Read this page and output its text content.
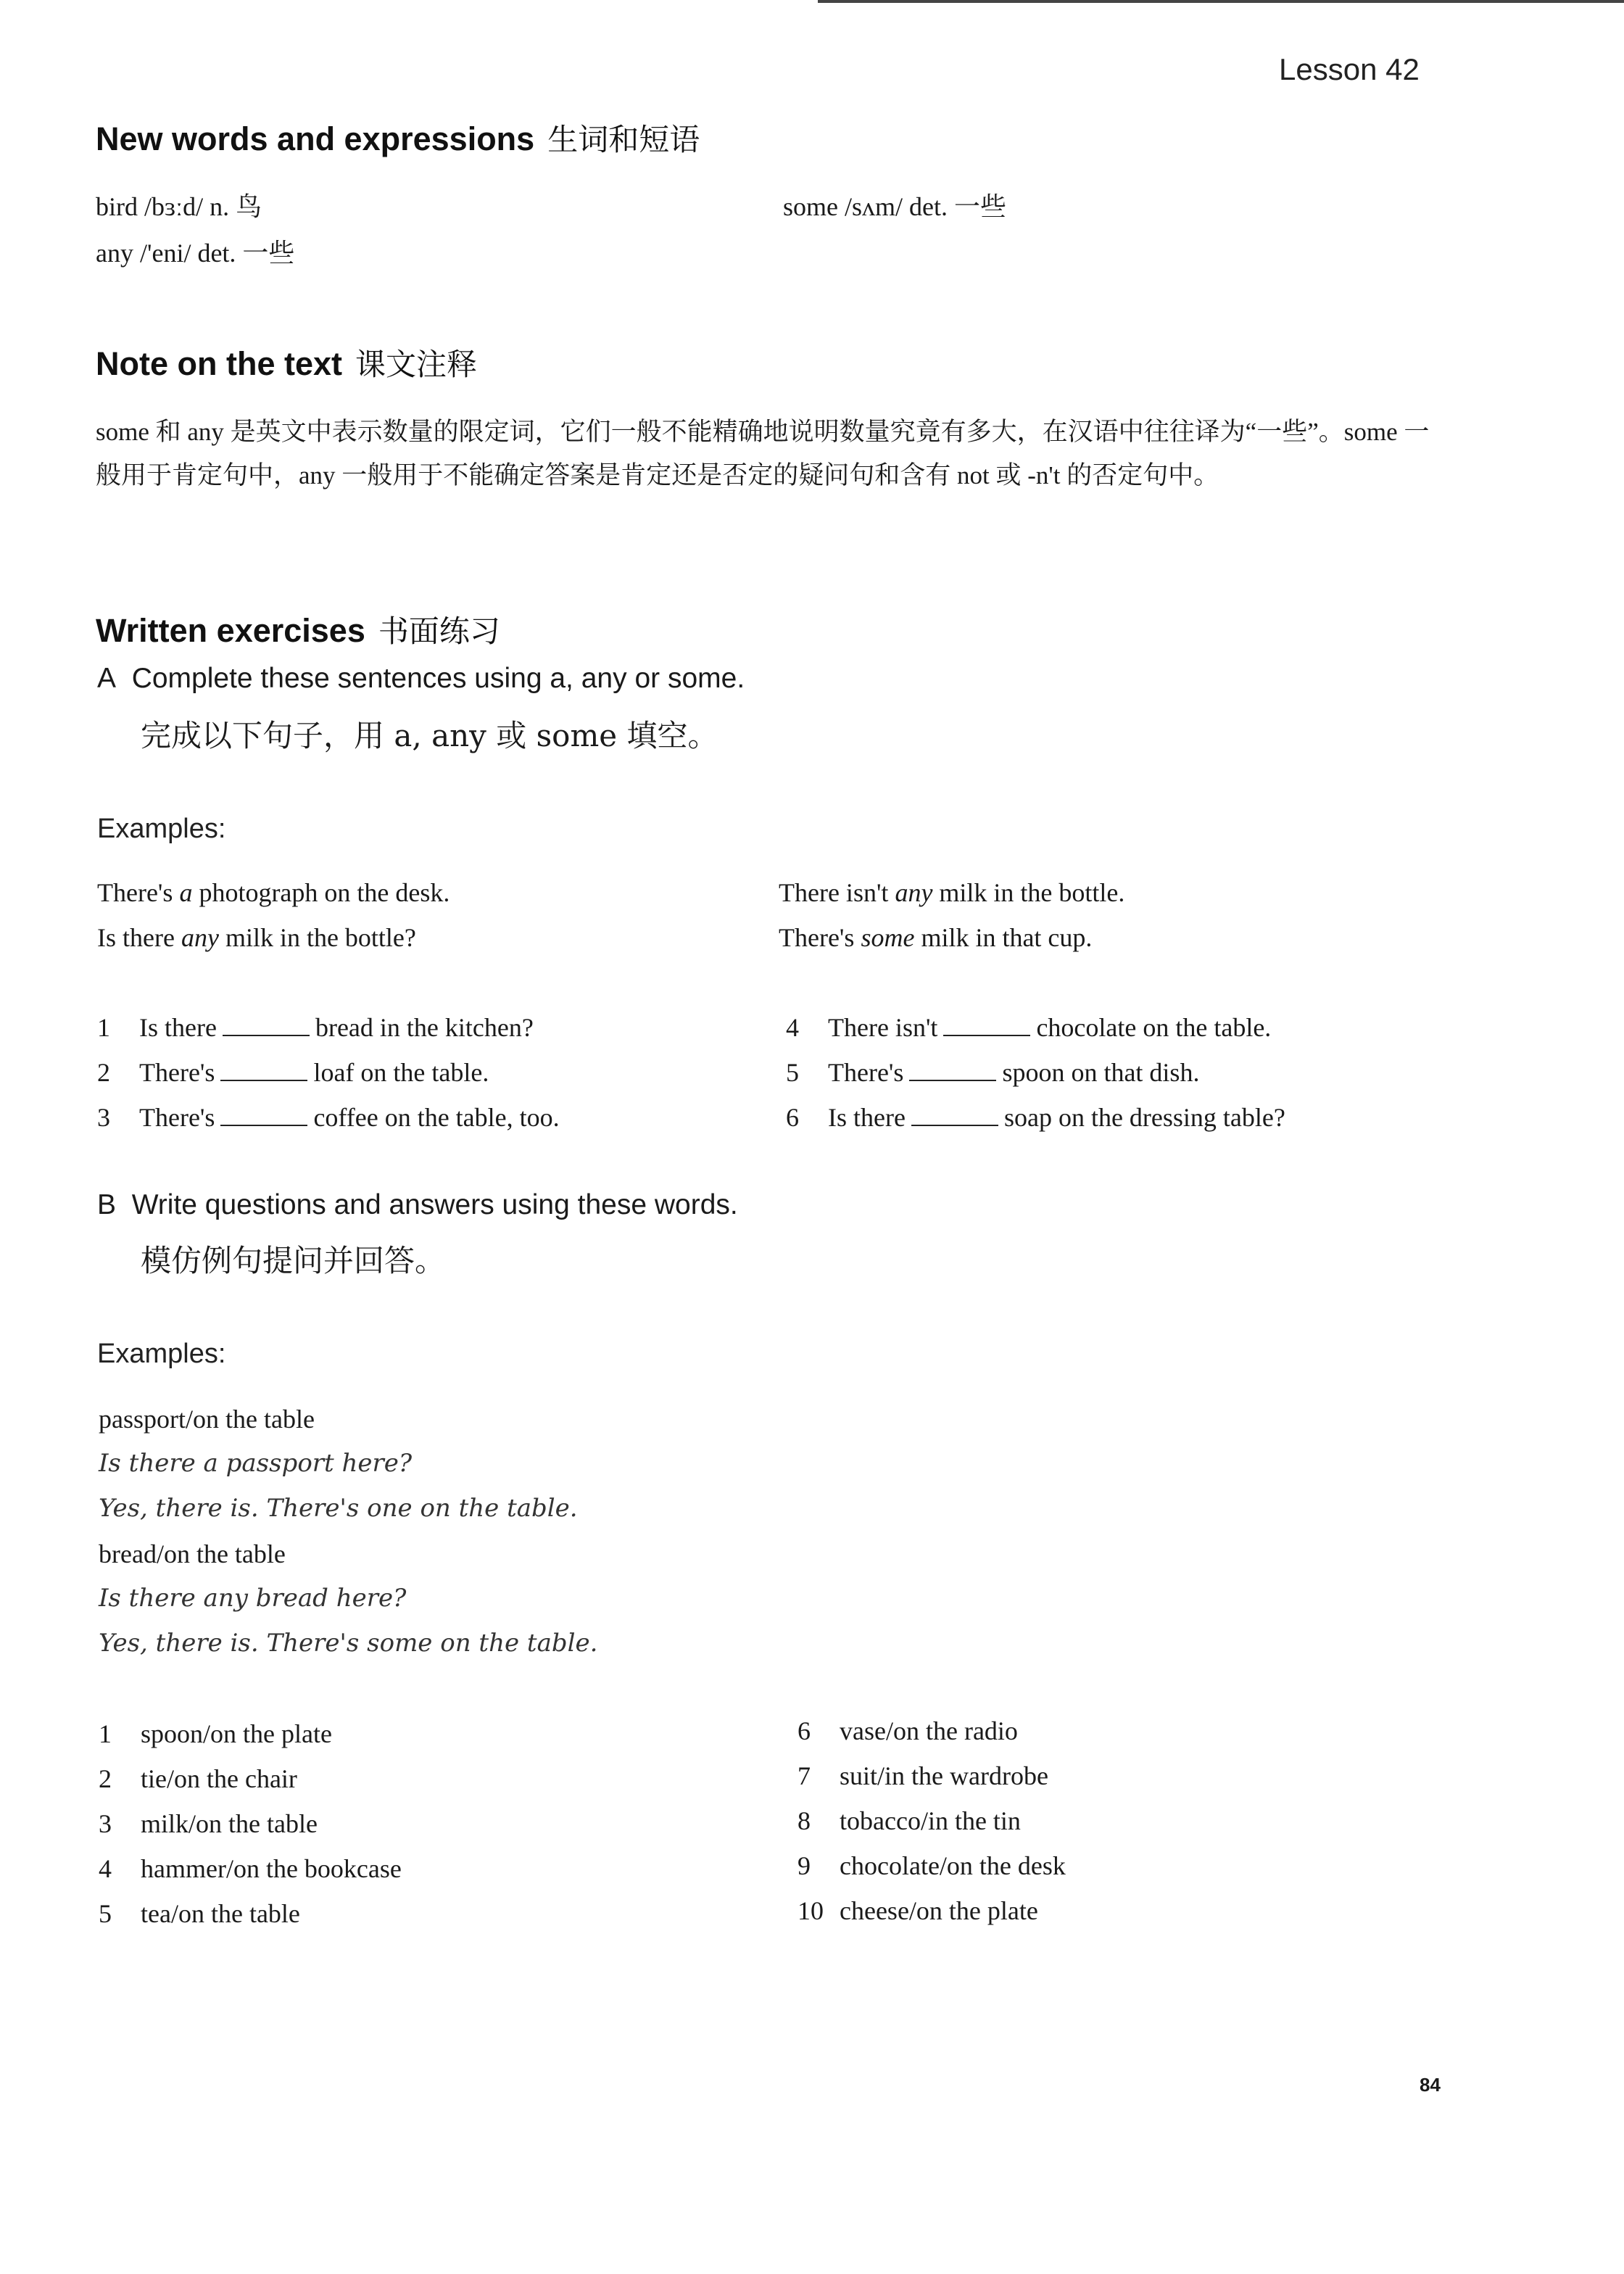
Lesson 42
New words and expressions 生词和短语
bird /bɜːd/ n. 鸟
any /'eni/ det. 一些
some /sʌm/ det. 一些
Note on the text 课文注释
some 和 any 是英文中表示数量的限定词，它们一般不能精确地说明数量究竟有多大，在汉语中往往译为“一些”。some 一般用于肯定句中，any 一般用于不能确定答案是肯定还是否定的疑问句和含有 not 或 -n't 的否定句中。
Written exercises 书面练习
A Complete these sentences using a, any or some.
完成以下句子，用 a, any 或 some 填空。
Examples:
There's a photograph on the desk.
Is there any milk in the bottle?
There isn't any milk in the bottle.
There's some milk in that cup.
1 Is there	bread in the kitchen?
2 There's	loaf on the table.
3 There's	coffee on the table, too.
4 There isn't	chocolate on the table.
5 There's	spoon on that dish.
6 Is there	soap on the dressing table?
B Write questions and answers using these words.
模仿例句提问并回答。
Examples:
passport/on the table
Is there a passport here?
Yes, there is. There's one on the table.
bread/on the table
Is there any bread here?
Yes, there is. There's some on the table.
1 spoon/on the plate
2 tie/on the chair
3 milk/on the table
4 hammer/on the bookcase
5 tea/on the table
6 vase/on the radio
7 suit/in the wardrobe
8 tobacco/in the tin
9 chocolate/on the desk
10 cheese/on the plate
84
